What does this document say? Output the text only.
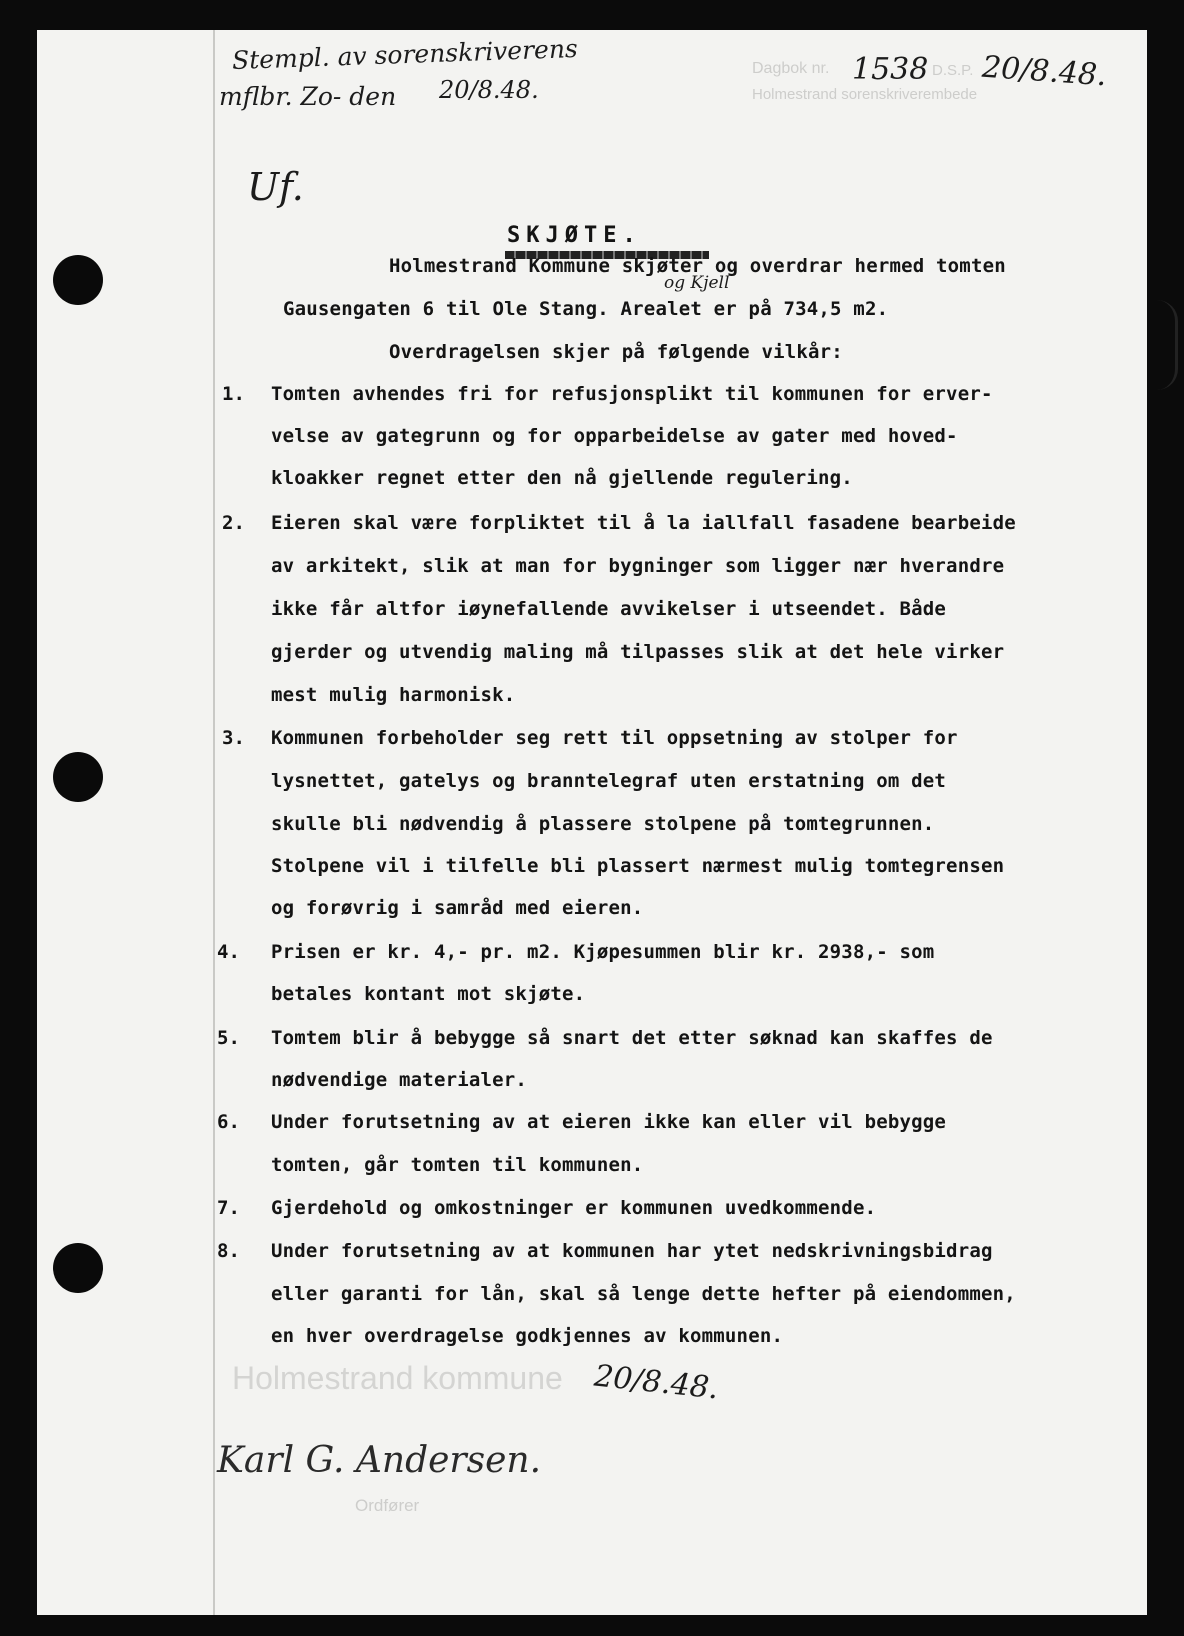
Stempl. av sorenskriverens
mflbr. Zo- den 20/8.48.
Dagbok nr. 1538 D.S.P. 20/8.48.
Holmestrand sorenskriverembede
Uf.
SKJØTE.
og Kjell
Holmestrand Kommune skjøter og overdrar hermed tomten
Gausengaten 6 til Ole Stang. Arealet er på 734,5 m2.
Overdragelsen skjer på følgende vilkår:
1. Tomten avhendes fri for refusjonsplikt til kommunen for erver-
velse av gategrunn og for opparbeidelse av gater med hoved-
kloakker regnet etter den nå gjellende regulering.
2. Eieren skal være forpliktet til å la iallfall fasadene bearbeide
av arkitekt, slik at man for bygninger som ligger nær hverandre
ikke får altfor iøynefallende avvikelser i utseendet. Både
gjerder og utvendig maling må tilpasses slik at det hele virker
mest mulig harmonisk.
3. Kommunen forbeholder seg rett til oppsetning av stolper for
lysnettet, gatelys og branntelegraf uten erstatning om det
skulle bli nødvendig å plassere stolpene på tomtegrunnen.
Stolpene vil i tilfelle bli plassert nærmest mulig tomtegrensen
og forøvrig i samråd med eieren.
4. Prisen er kr. 4,- pr. m2. Kjøpesummen blir kr. 2938,- som
betales kontant mot skjøte.
5. Tomtem blir å bebygge så snart det etter søknad kan skaffes de
nødvendige materialer.
6. Under forutsetning av at eieren ikke kan eller vil bebygge
tomten, går tomten til kommunen.
7. Gjerdehold og omkostninger er kommunen uvedkommende.
8. Under forutsetning av at kommunen har ytet nedskrivningsbidrag
eller garanti for lån, skal så lenge dette hefter på eiendommen,
en hver overdragelse godkjennes av kommunen.
Holmestrand kommune 20/8.48.
Karl G. Andersen.
Ordfører
